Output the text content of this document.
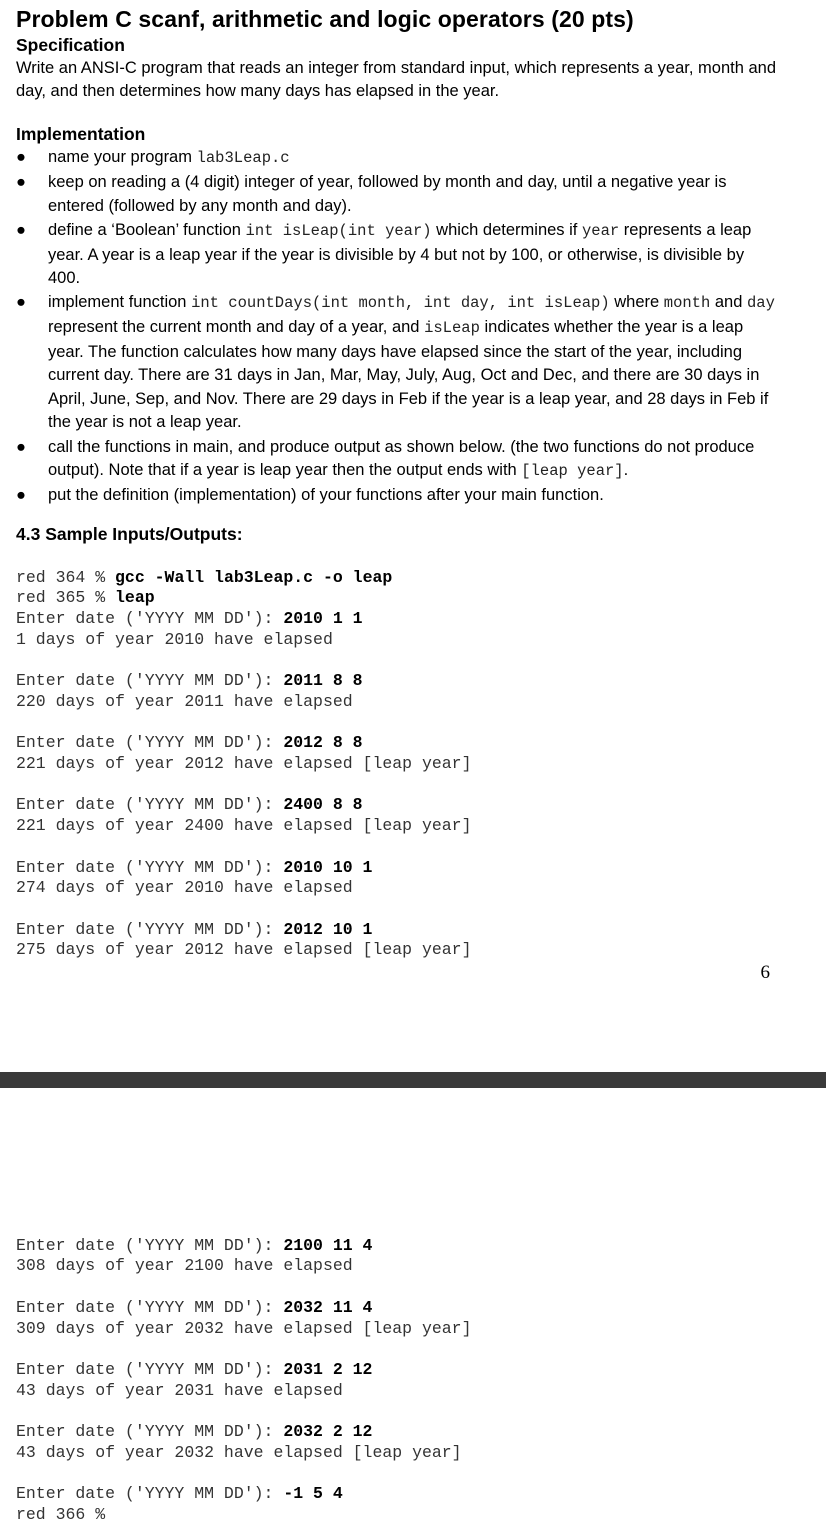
Problem C scanf, arithmetic and logic operators (20 pts)
Specification

Write an ANSI-C program that reads an integer from standard input, which represents a year, month and day, and then determines how many days has elapsed in the year.

Implementation
● name your program lab3Leap.c
● keep on reading a (4 digit) integer of year, followed by month and day, until a negative year is entered (followed by any month and day).
● define a ‘Boolean’ function int isLeap(int year) which determines if year represents a leap year. A year is a leap year if the year is divisible by 4 but not by 100, or otherwise, is divisible by 400.
● implement function int countDays(int month, int day, int isLeap) where month and day represent the current month and day of a year, and isLeap indicates whether the year is a leap year. The function calculates how many days have elapsed since the start of the year, including current day. There are 31 days in Jan, Mar, May, July, Aug, Oct and Dec, and there are 30 days in April, June, Sep, and Nov. There are 29 days in Feb if the year is a leap year, and 28 days in Feb if the year is not a leap year.
● call the functions in main, and produce output as shown below. (the two functions do not produce output). Note that if a year is leap year then the output ends with [leap year].
● put the definition (implementation) of your functions after your main function.
4.3 Sample Inputs/Outputs:

red 364 % gcc -Wall lab3Leap.c -o leap
red 365 % leap
Enter date ('YYYY MM DD'): 2010 1 1
1 days of year 2010 have elapsed

Enter date ('YYYY MM DD'): 2011 8 8
220 days of year 2011 have elapsed

Enter date ('YYYY MM DD'): 2012 8 8
221 days of year 2012 have elapsed [leap year]

Enter date ('YYYY MM DD'): 2400 8 8
221 days of year 2400 have elapsed [leap year]

Enter date ('YYYY MM DD'): 2010 10 1
274 days of year 2010 have elapsed

Enter date ('YYYY MM DD'): 2012 10 1
275 days of year 2012 have elapsed [leap year]
6

Enter date ('YYYY MM DD'): 2100 11 4
308 days of year 2100 have elapsed

Enter date ('YYYY MM DD'): 2032 11 4
309 days of year 2032 have elapsed [leap year]

Enter date ('YYYY MM DD'): 2031 2 12
43 days of year 2031 have elapsed

Enter date ('YYYY MM DD'): 2032 2 12
43 days of year 2032 have elapsed [leap year]

Enter date ('YYYY MM DD'): -1 5 4
red 366 %
